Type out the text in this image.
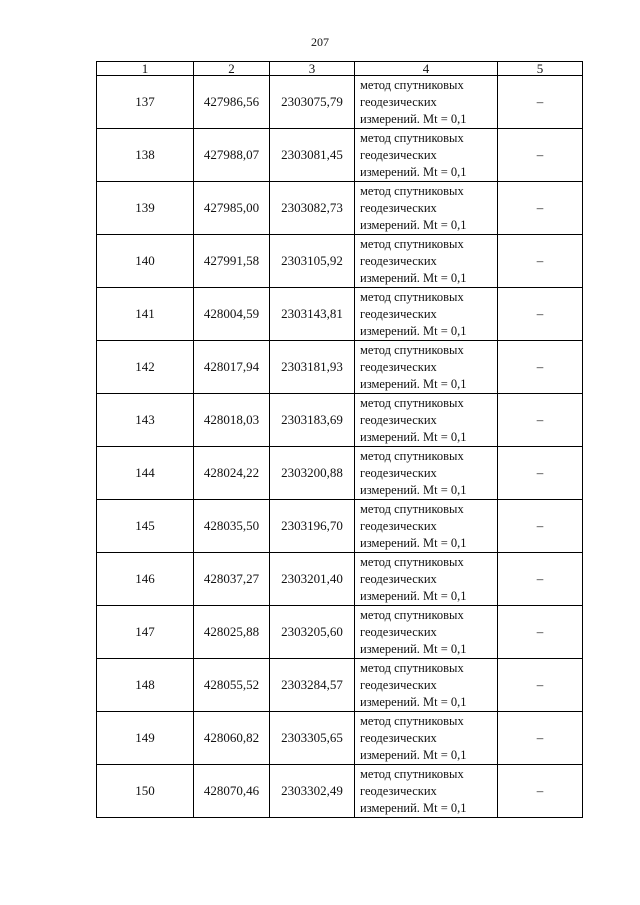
207
1	2	3	4	5
137	427986,56	2303075,79	метод спутниковых
геодезических
измерений. Mt = 0,1	–
138	427988,07	2303081,45	метод спутниковых
геодезических
измерений. Mt = 0,1	–
139	427985,00	2303082,73	метод спутниковых
геодезических
измерений. Mt = 0,1	–
140	427991,58	2303105,92	метод спутниковых
геодезических
измерений. Mt = 0,1	–
141	428004,59	2303143,81	метод спутниковых
геодезических
измерений. Mt = 0,1	–
142	428017,94	2303181,93	метод спутниковых
геодезических
измерений. Mt = 0,1	–
143	428018,03	2303183,69	метод спутниковых
геодезических
измерений. Mt = 0,1	–
144	428024,22	2303200,88	метод спутниковых
геодезических
измерений. Mt = 0,1	–
145	428035,50	2303196,70	метод спутниковых
геодезических
измерений. Mt = 0,1	–
146	428037,27	2303201,40	метод спутниковых
геодезических
измерений. Mt = 0,1	–
147	428025,88	2303205,60	метод спутниковых
геодезических
измерений. Mt = 0,1	–
148	428055,52	2303284,57	метод спутниковых
геодезических
измерений. Mt = 0,1	–
149	428060,82	2303305,65	метод спутниковых
геодезических
измерений. Mt = 0,1	–
150	428070,46	2303302,49	метод спутниковых
геодезических
измерений. Mt = 0,1	–
